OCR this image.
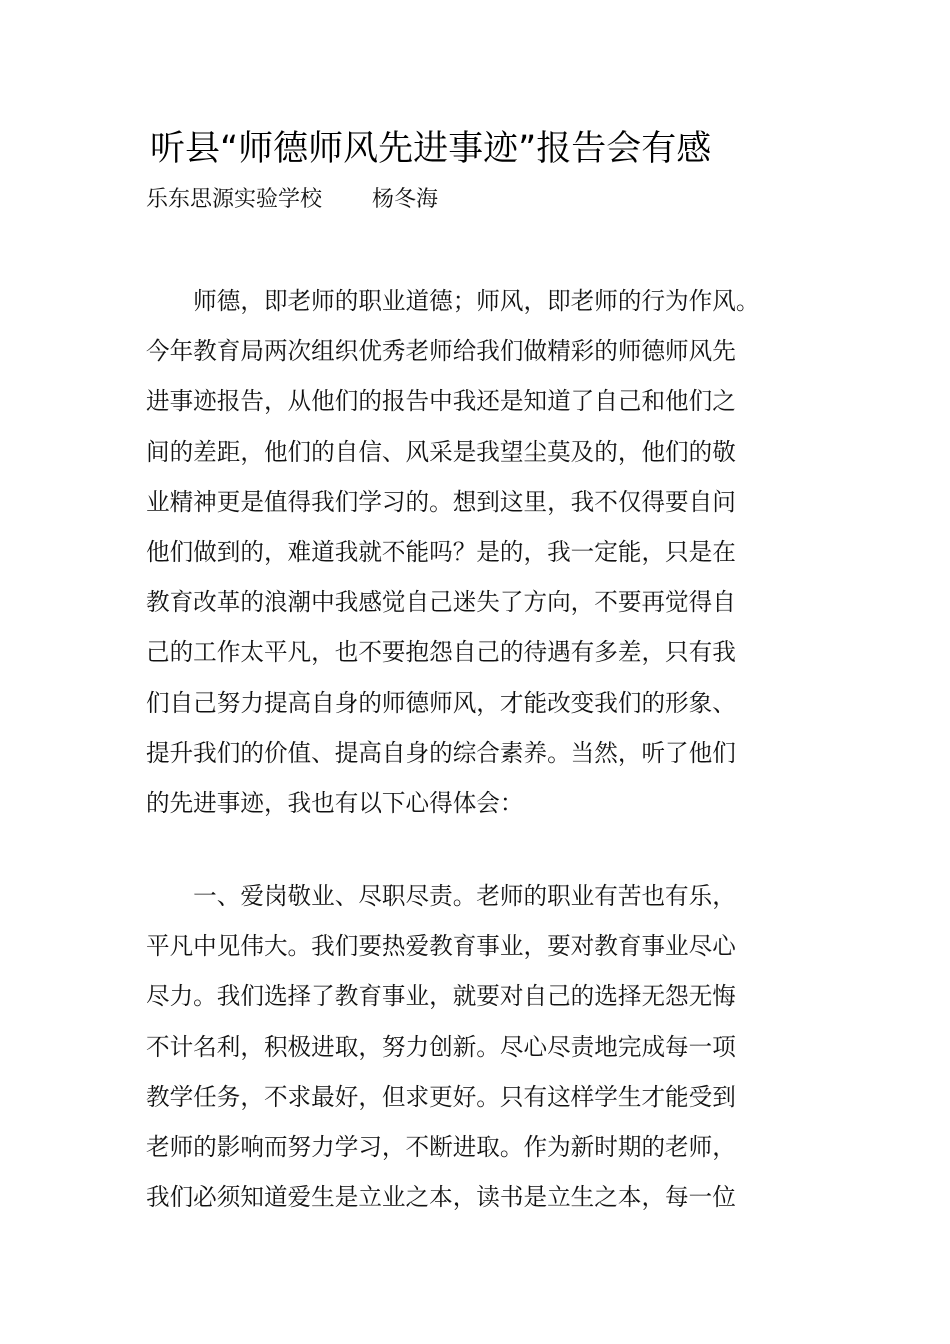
听县“师德师风先进事迹”报告会有感
乐东思源实验学校 杨冬海
　　师德，即老师的职业道德；师风，即老师的行为作风。
今年教育局两次组织优秀老师给我们做精彩的师德师风先
进事迹报告，从他们的报告中我还是知道了自己和他们之
间的差距，他们的自信、风采是我望尘莫及的，他们的敬
业精神更是值得我们学习的。想到这里，我不仅得要自问
他们做到的，难道我就不能吗？是的，我一定能，只是在
教育改革的浪潮中我感觉自己迷失了方向，不要再觉得自
己的工作太平凡，也不要抱怨自己的待遇有多差，只有我
们自己努力提高自身的师德师风，才能改变我们的形象、
提升我们的价值、提高自身的综合素养。当然，听了他们
的先进事迹，我也有以下心得体会：
　　一、爱岗敬业、尽职尽责。老师的职业有苦也有乐，
平凡中见伟大。我们要热爱教育事业，要对教育事业尽心
尽力。我们选择了教育事业，就要对自己的选择无怨无悔
不计名利，积极进取，努力创新。尽心尽责地完成每一项
教学任务，不求最好，但求更好。只有这样学生才能受到
老师的影响而努力学习，不断进取。作为新时期的老师，
我们必须知道爱生是立业之本，读书是立生之本，每一位
